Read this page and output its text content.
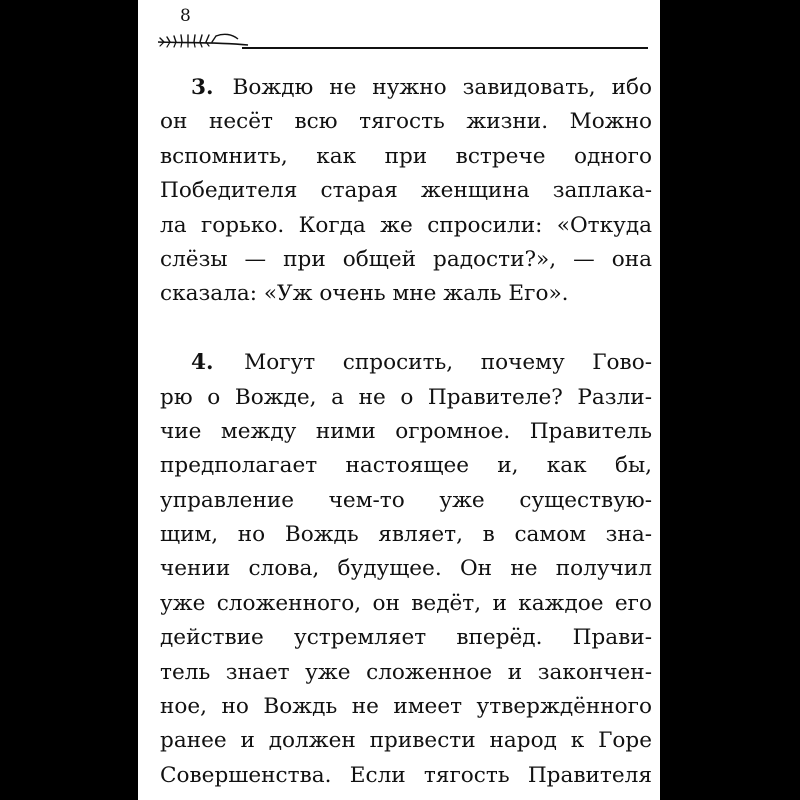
8
3. Вождю не нужно завидовать, ибо
он несёт всю тягость жизни. Можно
вспомнить, как при встрече одного
Победителя старая женщина заплака-
ла горько. Когда же спросили: «Откуда
слёзы — при общей радости?», — она
сказала: «Уж очень мне жаль Его».
4. Могут спросить, почему Гово-
рю о Вожде, а не о Правителе? Разли-
чие между ними огромное. Правитель
предполагает настоящее и, как бы,
управление чем-то уже существую-
щим, но Вождь являет, в самом зна-
чении слова, будущее. Он не получил
уже сложенного, он ведёт, и каждое его
действие устремляет вперёд. Прави-
тель знает уже сложенное и закончен-
ное, но Вождь не имеет утверждённого
ранее и должен привести народ к Горе
Совершенства. Если тягость Правителя
